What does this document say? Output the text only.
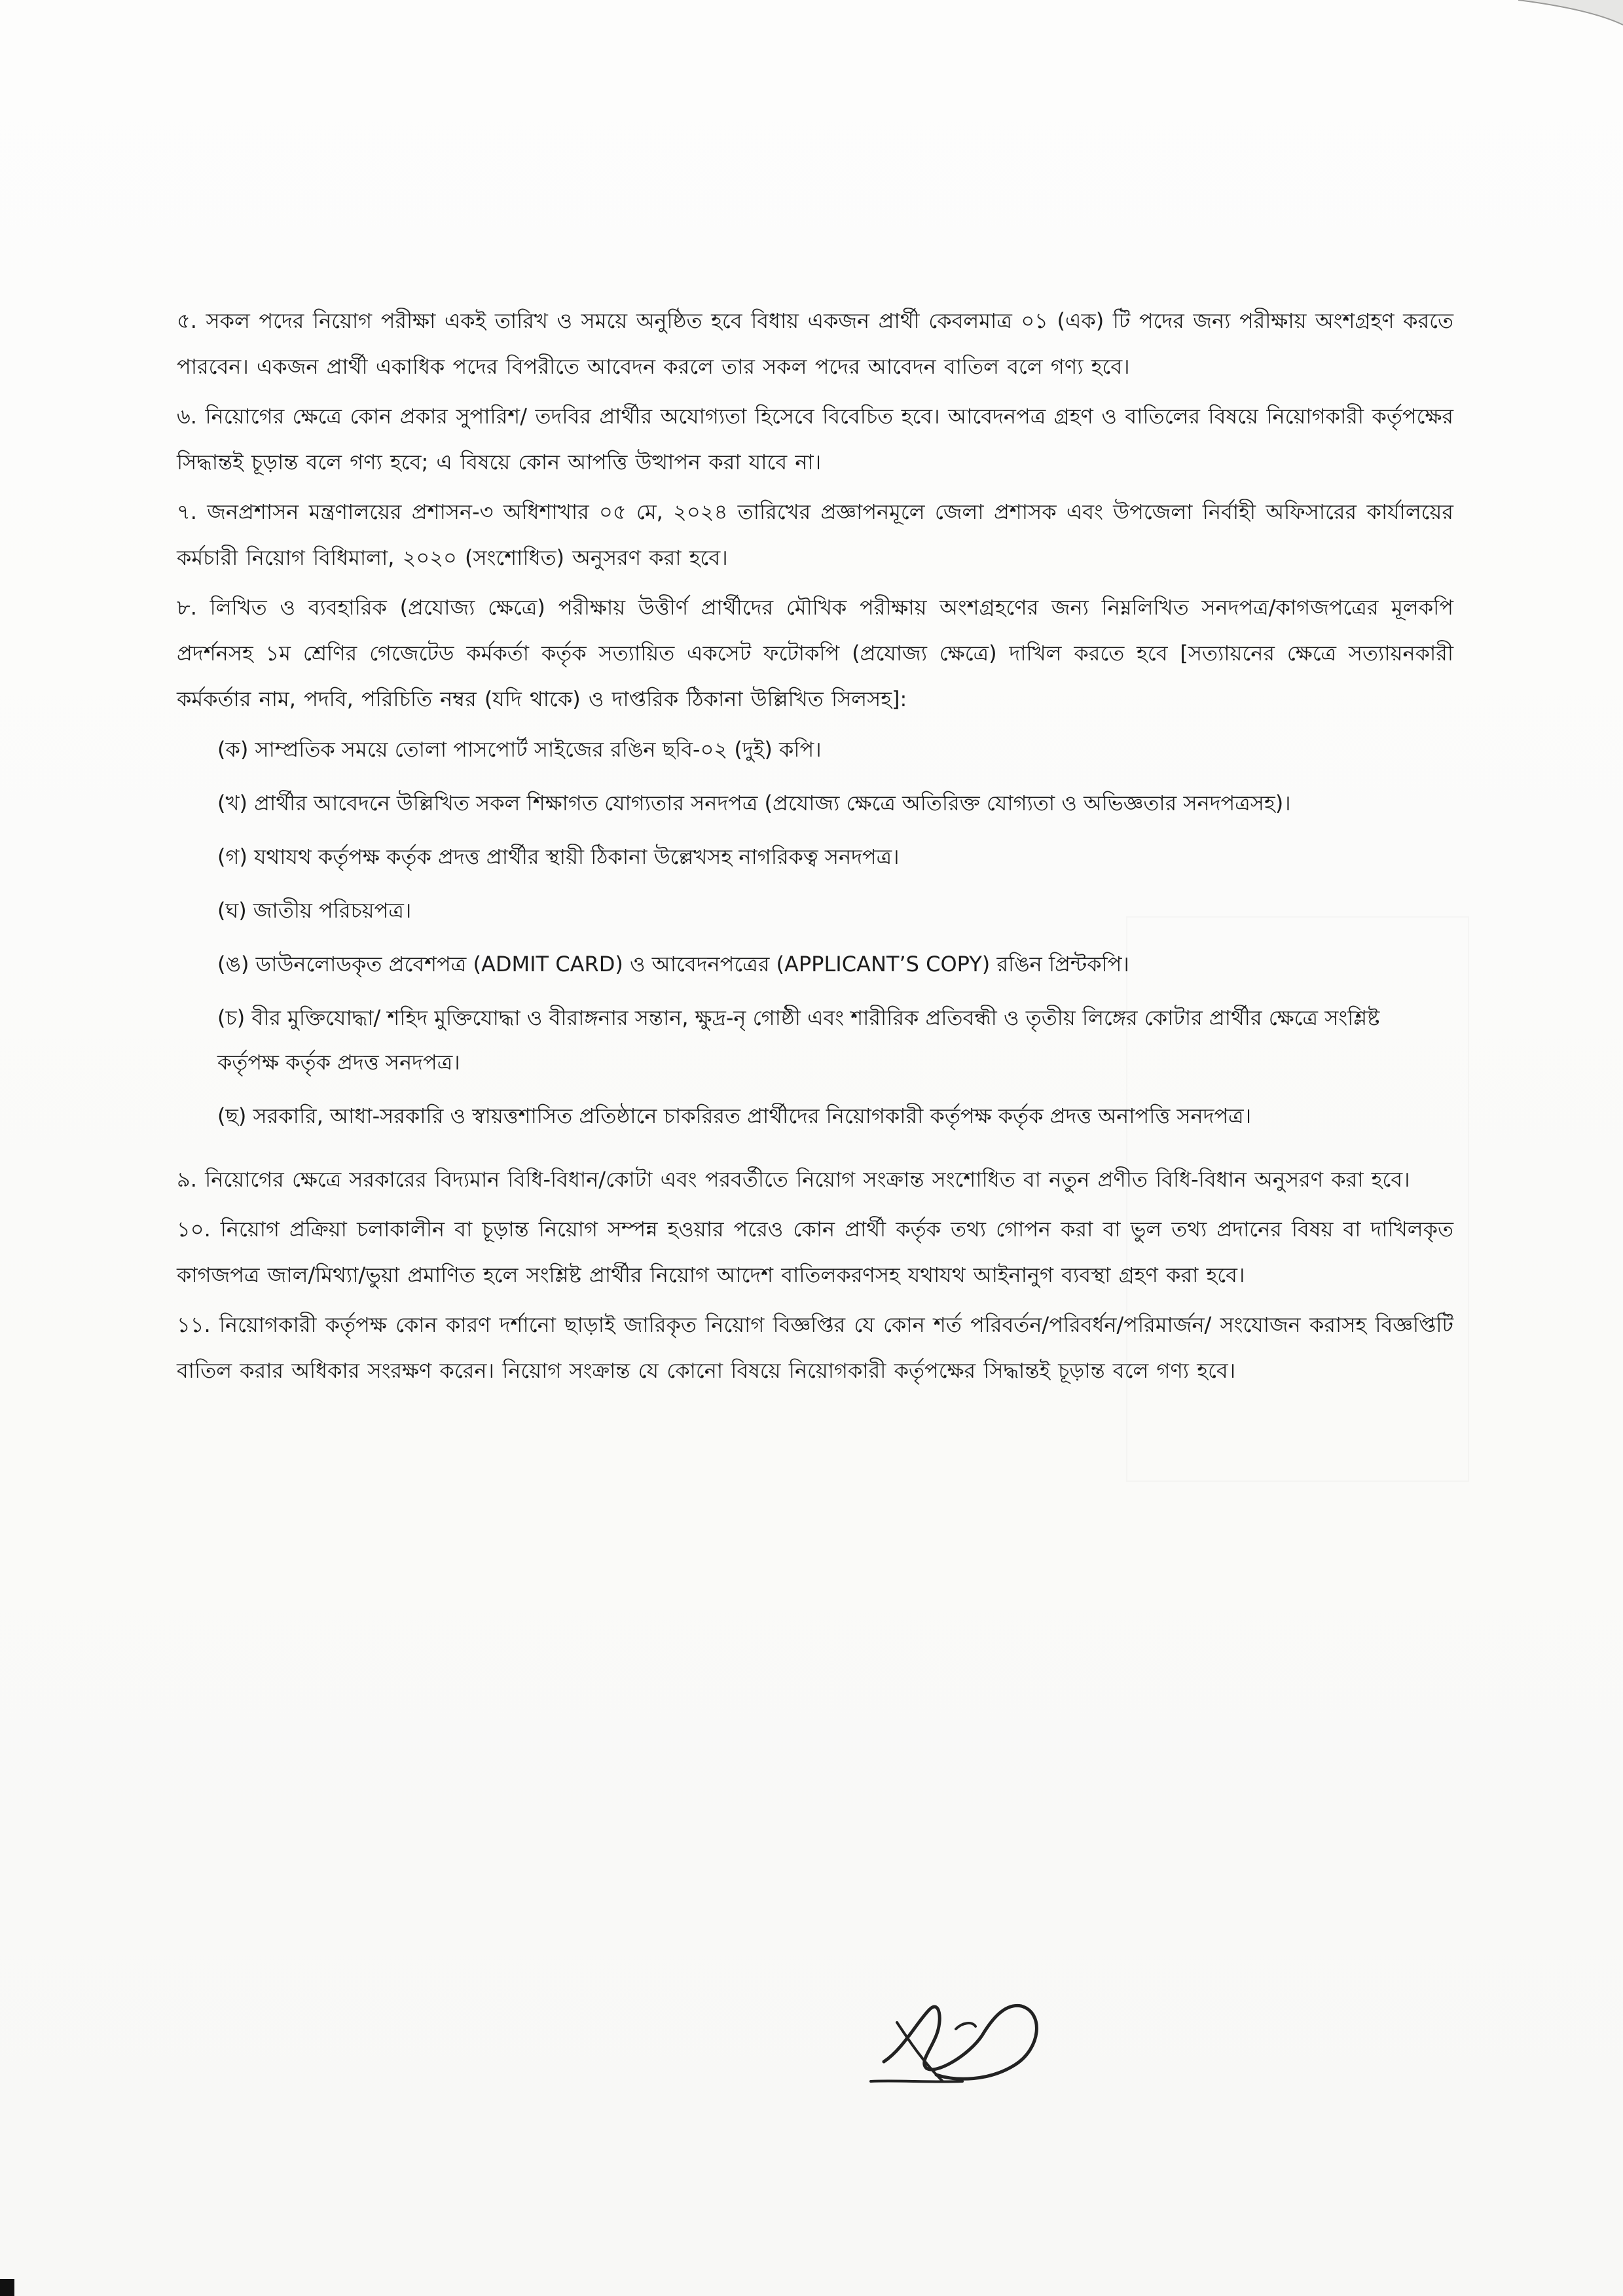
৫. সকল পদের নিয়োগ পরীক্ষা একই তারিখ ও সময়ে অনুষ্ঠিত হবে বিধায় একজন প্রার্থী কেবলমাত্র ০১ (এক) টি পদের জন্য পরীক্ষায় অংশগ্রহণ করতে পারবেন। একজন প্রার্থী একাধিক পদের বিপরীতে আবেদন করলে তার সকল পদের আবেদন বাতিল বলে গণ্য হবে।

৬. নিয়োগের ক্ষেত্রে কোন প্রকার সুপারিশ/ তদবির প্রার্থীর অযোগ্যতা হিসেবে বিবেচিত হবে। আবেদনপত্র গ্রহণ ও বাতিলের বিষয়ে নিয়োগকারী কর্তৃপক্ষের সিদ্ধান্তই চূড়ান্ত বলে গণ্য হবে; এ বিষয়ে কোন আপত্তি উত্থাপন করা যাবে না।

৭. জনপ্রশাসন মন্ত্রণালয়ের প্রশাসন-৩ অধিশাখার ০৫ মে, ২০২৪ তারিখের প্রজ্ঞাপনমূলে জেলা প্রশাসক এবং উপজেলা নির্বাহী অফিসারের কার্যালয়ের কর্মচারী নিয়োগ বিধিমালা, ২০২০ (সংশোধিত) অনুসরণ করা হবে।

৮. লিখিত ও ব্যবহারিক (প্রযোজ্য ক্ষেত্রে) পরীক্ষায় উত্তীর্ণ প্রার্থীদের মৌখিক পরীক্ষায় অংশগ্রহণের জন্য নিম্নলিখিত সনদপত্র/কাগজপত্রের মূলকপি প্রদর্শনসহ ১ম শ্রেণির গেজেটেড কর্মকর্তা কর্তৃক সত্যায়িত একসেট ফটোকপি (প্রযোজ্য ক্ষেত্রে) দাখিল করতে হবে [সত্যায়নের ক্ষেত্রে সত্যায়নকারী কর্মকর্তার নাম, পদবি, পরিচিতি নম্বর (যদি থাকে) ও দাপ্তরিক ঠিকানা উল্লিখিত সিলসহ]:

(ক) সাম্প্রতিক সময়ে তোলা পাসপোর্ট সাইজের রঙিন ছবি-০২ (দুই) কপি।
(খ) প্রার্থীর আবেদনে উল্লিখিত সকল শিক্ষাগত যোগ্যতার সনদপত্র (প্রযোজ্য ক্ষেত্রে অতিরিক্ত যোগ্যতা ও অভিজ্ঞতার সনদপত্রসহ)।
(গ) যথাযথ কর্তৃপক্ষ কর্তৃক প্রদত্ত প্রার্থীর স্থায়ী ঠিকানা উল্লেখসহ নাগরিকত্ব সনদপত্র।
(ঘ) জাতীয় পরিচয়পত্র।
(ঙ) ডাউনলোডকৃত প্রবেশপত্র (ADMIT CARD) ও আবেদনপত্রের (APPLICANT’S COPY) রঙিন প্রিন্টকপি।
(চ) বীর মুক্তিযোদ্ধা/ শহিদ মুক্তিযোদ্ধা ও বীরাঙ্গনার সন্তান, ক্ষুদ্র-নৃ গোষ্ঠী এবং শারীরিক প্রতিবন্ধী ও তৃতীয় লিঙ্গের কোটার প্রার্থীর ক্ষেত্রে সংশ্লিষ্ট কর্তৃপক্ষ কর্তৃক প্রদত্ত সনদপত্র।
(ছ) সরকারি, আধা-সরকারি ও স্বায়ত্তশাসিত প্রতিষ্ঠানে চাকরিরত প্রার্থীদের নিয়োগকারী কর্তৃপক্ষ কর্তৃক প্রদত্ত অনাপত্তি সনদপত্র।

৯. নিয়োগের ক্ষেত্রে সরকারের বিদ্যমান বিধি-বিধান/কোটা এবং পরবর্তীতে নিয়োগ সংক্রান্ত সংশোধিত বা নতুন প্রণীত বিধি-বিধান অনুসরণ করা হবে।

১০. নিয়োগ প্রক্রিয়া চলাকালীন বা চূড়ান্ত নিয়োগ সম্পন্ন হওয়ার পরেও কোন প্রার্থী কর্তৃক তথ্য গোপন করা বা ভুল তথ্য প্রদানের বিষয় বা দাখিলকৃত কাগজপত্র জাল/মিথ্যা/ভুয়া প্রমাণিত হলে সংশ্লিষ্ট প্রার্থীর নিয়োগ আদেশ বাতিলকরণসহ যথাযথ আইনানুগ ব্যবস্থা গ্রহণ করা হবে।

১১. নিয়োগকারী কর্তৃপক্ষ কোন কারণ দর্শানো ছাড়াই জারিকৃত নিয়োগ বিজ্ঞপ্তির যে কোন শর্ত পরিবর্তন/পরিবর্ধন/পরিমার্জন/ সংযোজন করাসহ বিজ্ঞপ্তিটি বাতিল করার অধিকার সংরক্ষণ করেন। নিয়োগ সংক্রান্ত যে কোনো বিষয়ে নিয়োগকারী কর্তৃপক্ষের সিদ্ধান্তই চূড়ান্ত বলে গণ্য হবে।
